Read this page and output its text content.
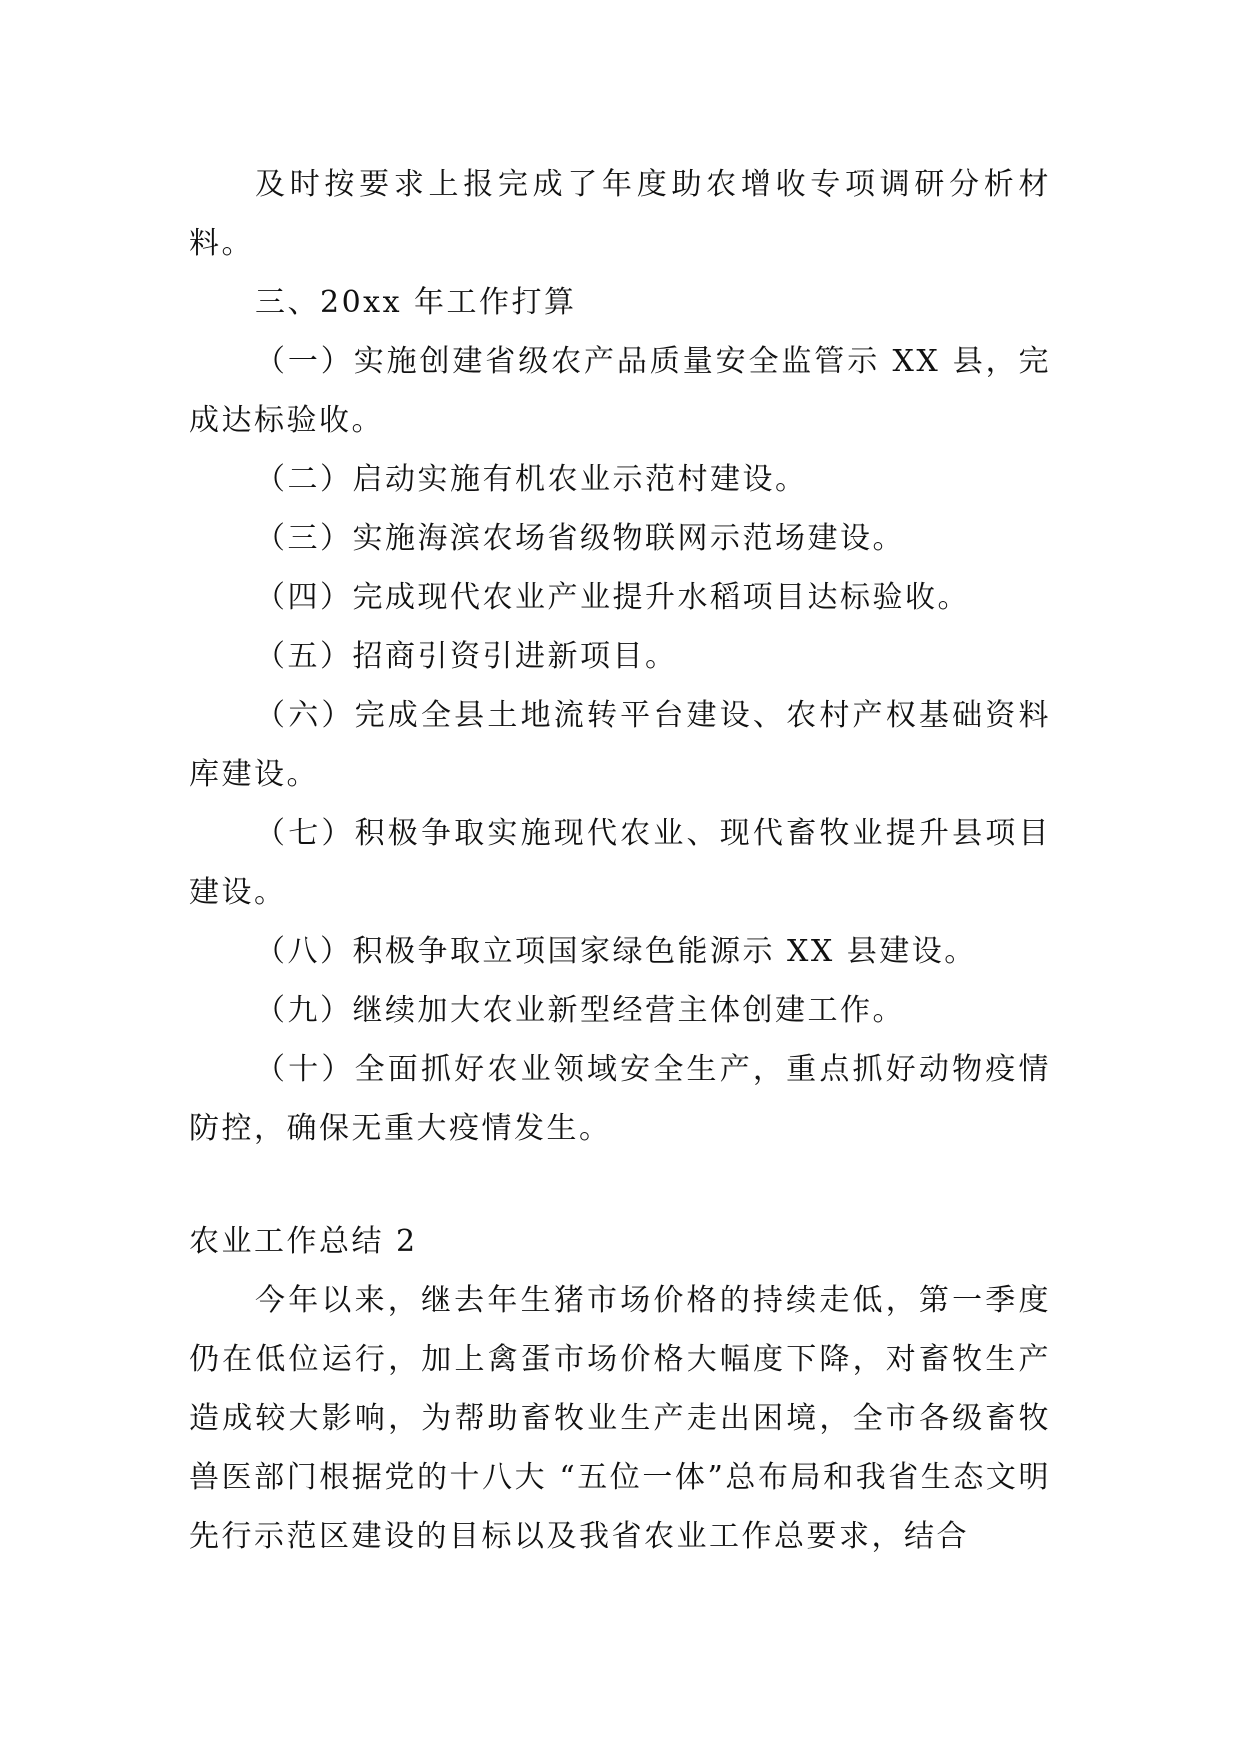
及时按要求上报完成了年度助农增收专项调研分析材料。

三、20xx 年工作打算

（一）实施创建省级农产品质量安全监管示 XX 县，完成达标验收。

（二）启动实施有机农业示范村建设。

（三）实施海滨农场省级物联网示范场建设。

（四）完成现代农业产业提升水稻项目达标验收。

（五）招商引资引进新项目。

（六）完成全县土地流转平台建设、农村产权基础资料库建设。

（七）积极争取实施现代农业、现代畜牧业提升县项目建设。

（八）积极争取立项国家绿色能源示 XX 县建设。

（九）继续加大农业新型经营主体创建工作。

（十）全面抓好农业领域安全生产，重点抓好动物疫情防控，确保无重大疫情发生。

农业工作总结 2

今年以来，继去年生猪市场价格的持续走低，第一季度仍在低位运行，加上禽蛋市场价格大幅度下降，对畜牧生产造成较大影响，为帮助畜牧业生产走出困境，全市各级畜牧兽医部门根据党的十八大 “五位一体”总布局和我省生态文明先行示范区建设的目标以及我省农业工作总要求，结合
